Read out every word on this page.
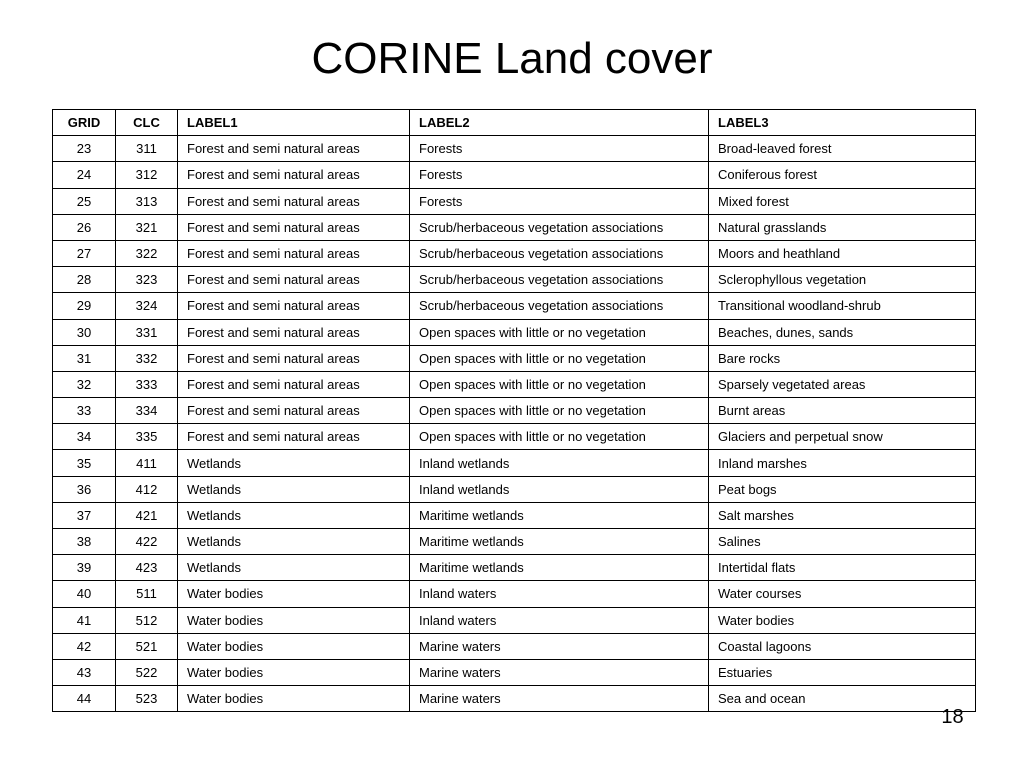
CORINE Land cover
GRID	CLC	LABEL1	LABEL2	LABEL3
23	311	Forest and semi natural areas	Forests	Broad-leaved forest
24	312	Forest and semi natural areas	Forests	Coniferous forest
25	313	Forest and semi natural areas	Forests	Mixed forest
26	321	Forest and semi natural areas	Scrub/herbaceous vegetation associations	Natural grasslands
27	322	Forest and semi natural areas	Scrub/herbaceous vegetation associations	Moors and heathland
28	323	Forest and semi natural areas	Scrub/herbaceous vegetation associations	Sclerophyllous vegetation
29	324	Forest and semi natural areas	Scrub/herbaceous vegetation associations	Transitional woodland-shrub
30	331	Forest and semi natural areas	Open spaces with little or no vegetation	Beaches, dunes, sands
31	332	Forest and semi natural areas	Open spaces with little or no vegetation	Bare rocks
32	333	Forest and semi natural areas	Open spaces with little or no vegetation	Sparsely vegetated areas
33	334	Forest and semi natural areas	Open spaces with little or no vegetation	Burnt areas
34	335	Forest and semi natural areas	Open spaces with little or no vegetation	Glaciers and perpetual snow
35	411	Wetlands	Inland wetlands	Inland marshes
36	412	Wetlands	Inland wetlands	Peat bogs
37	421	Wetlands	Maritime wetlands	Salt marshes
38	422	Wetlands	Maritime wetlands	Salines
39	423	Wetlands	Maritime wetlands	Intertidal flats
40	511	Water bodies	Inland waters	Water courses
41	512	Water bodies	Inland waters	Water bodies
42	521	Water bodies	Marine waters	Coastal lagoons
43	522	Water bodies	Marine waters	Estuaries
44	523	Water bodies	Marine waters	Sea and ocean
18
